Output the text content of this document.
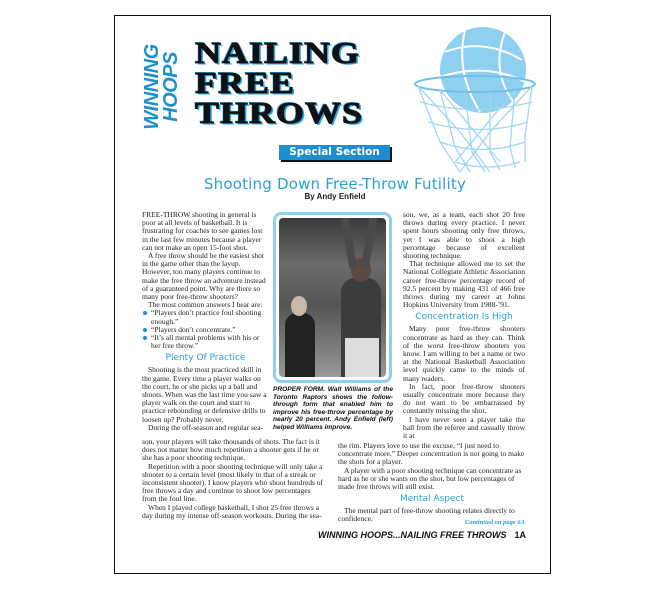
WINNING
HOOPS NAILING
FREE
THROWS
Special Section
Shooting Down Free-Throw Futility
By Andy Enfield

FREE-THROW shooting in general is poor at all levels of basketball. It is frustrating for coaches to see games lost in the last few minutes because a player can not make an open 15-foot shot.

A free throw should be the easiest shot in the game other than the layup. However, too many players continue to make the free throw an adventure instead of a guaranteed point. Why are there so many poor free-throw shooters?

The most common answers I hear are:

“Players don’t practice foul shooting enough.”
“Players don’t concentrate.”
“It’s all mental problems with his or her free throw.”
Plenty Of Practice

Shooting is the most practiced skill in the game. Every time a player walks on the court, he or she picks up a ball and shoots. When was the last time you saw a player walk on the court and start to practice rebounding or defensive drills to loosen up? Probably never.

During the off-season and regular sea-

PROPER FORM. Walt Williams of the Toronto Raptors shows the follow-through form that enabled him to improve his free-throw percentage by nearly 20 percent. Andy Enfield (left) helped Williams improve.

son, we, as a team, each shot 20 free throws during every practice. I never spent hours shooting only free throws, yet I was able to shoot a high percentage because of excellent shooting technique.

That technique allowed me to set the National Collegiate Athletic Association career free-throw percentage record of 92.5 percent by making 431 of 466 free throws during my career at Johns Hopkins University from 1988-’91.

Concentration Is High

Many poor free-throw shooters concentrate as hard as they can. Think of the worst free-throw shooters you know. I am willing to bet a name or two at the National Basketball Association level quickly came to the minds of many readers.

In fact, poor free-throw shooters usually concentrate more because they do not want to be embarrassed by constantly missing the shot.

I have never seen a player take the ball from the referee and casually throw it at

son, your players will take thousands of shots. The fact is it does not matter how much repetition a shooter gets if he or she has a poor shooting technique.

Repetition with a poor shooting technique will only take a shooter to a certain level (most likely to that of a streak or inconsistent shooter). I know players who shoot hundreds of free throws a day and continue to shoot low percentages from the foul line.

When I played college basketball, I shot 25 free throws a day during my intense off-season workouts. During the sea-

the rim. Players love to use the excuse, “I just need to concentrate more.” Deeper concentration is not going to make the shots for a player.

A player with a poor shooting technique can concentrate as hard as he or she wants on the shot, but low percentages of made free throws will still exist.

Mental Aspect

The mental part of free-throw shooting relates directly to confidence.	Continued on page 6A
WINNING HOOPS...NAILING FREE THROWS 1A
